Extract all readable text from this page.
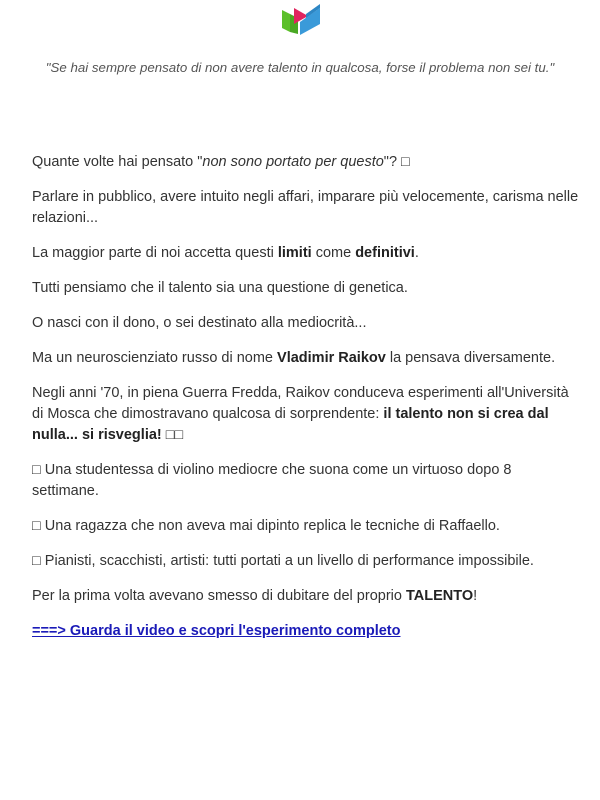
"Se hai sempre pensato di non avere talento in qualcosa, forse il problema non sei tu."

Quante volte hai pensato "non sono portato per questo"? □

Parlare in pubblico, avere intuito negli affari, imparare più velocemente, carisma nelle relazioni...

La maggior parte di noi accetta questi limiti come definitivi.

Tutti pensiamo che il talento sia una questione di genetica.

O nasci con il dono, o sei destinato alla mediocrità...

Ma un neuroscienziato russo di nome Vladimir Raikov la pensava diversamente.

Negli anni '70, in piena Guerra Fredda, Raikov conduceva esperimenti all'Università di Mosca che dimostravano qualcosa di sorprendente: il talento non si crea dal nulla... si risveglia! □□

□ Una studentessa di violino mediocre che suona come un virtuoso dopo 8 settimane.

□ Una ragazza che non aveva mai dipinto replica le tecniche di Raffaello.

□ Pianisti, scacchisti, artisti: tutti portati a un livello di performance impossibile.

Per la prima volta avevano smesso di dubitare del proprio TALENTO!

===> Guarda il video e scopri l'esperimento completo
